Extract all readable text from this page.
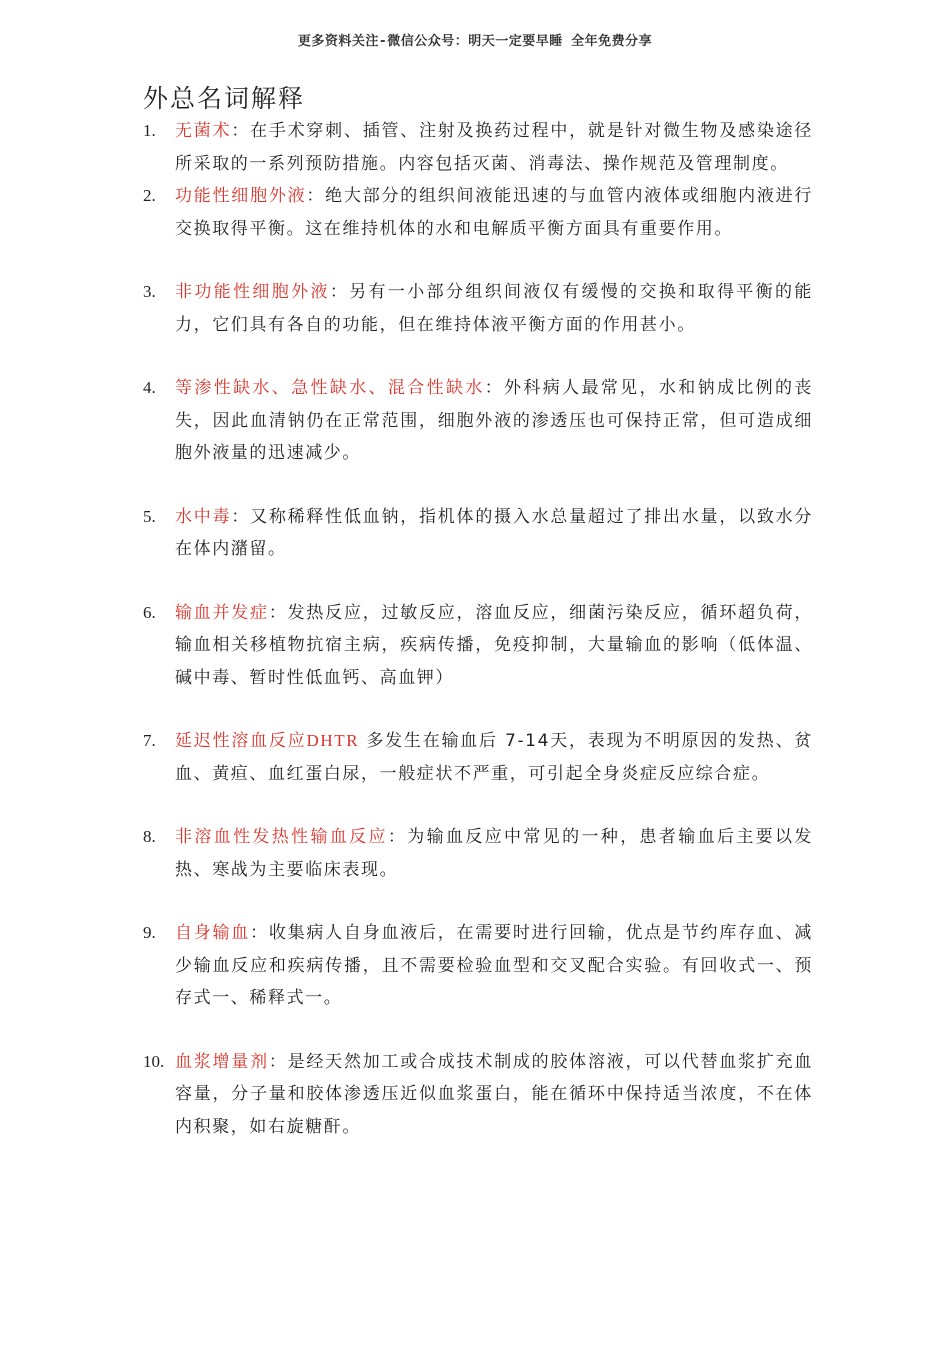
更多资料关注-微信公众号：明天一定要早睡 全年免费分享
外总名词解释
1. 无菌术：在手术穿刺、插管、注射及换药过程中，就是针对微生物及感染途径所采取的一系列预防措施。内容包括灭菌、消毒法、操作规范及管理制度。
2. 功能性细胞外液：绝大部分的组织间液能迅速的与血管内液体或细胞内液进行交换取得平衡。这在维持机体的水和电解质平衡方面具有重要作用。
3. 非功能性细胞外液：另有一小部分组织间液仅有缓慢的交换和取得平衡的能力，它们具有各自的功能，但在维持体液平衡方面的作用甚小。
4. 等渗性缺水、急性缺水、混合性缺水：外科病人最常见，水和钠成比例的丧失，因此血清钠仍在正常范围，细胞外液的渗透压也可保持正常，但可造成细胞外液量的迅速减少。
5. 水中毒：又称稀释性低血钠，指机体的摄入水总量超过了排出水量，以致水分在体内潴留。
6. 输血并发症：发热反应，过敏反应，溶血反应，细菌污染反应，循环超负荷，输血相关移植物抗宿主病，疾病传播，免疫抑制，大量输血的影响（低体温、碱中毒、暂时性低血钙、高血钾）
7. 延迟性溶血反应DHTR 多发生在输血后 7-14天，表现为不明原因的发热、贫血、黄疸、血红蛋白尿，一般症状不严重，可引起全身炎症反应综合症。
8. 非溶血性发热性输血反应：为输血反应中常见的一种，患者输血后主要以发热、寒战为主要临床表现。
9. 自身输血：收集病人自身血液后，在需要时进行回输，优点是节约库存血、减少输血反应和疾病传播，且不需要检验血型和交叉配合实验。有回收式一、预存式一、稀释式一。
10. 血浆增量剂：是经天然加工或合成技术制成的胶体溶液，可以代替血浆扩充血容量，分子量和胶体渗透压近似血浆蛋白，能在循环中保持适当浓度，不在体内积聚，如右旋糖酐。
